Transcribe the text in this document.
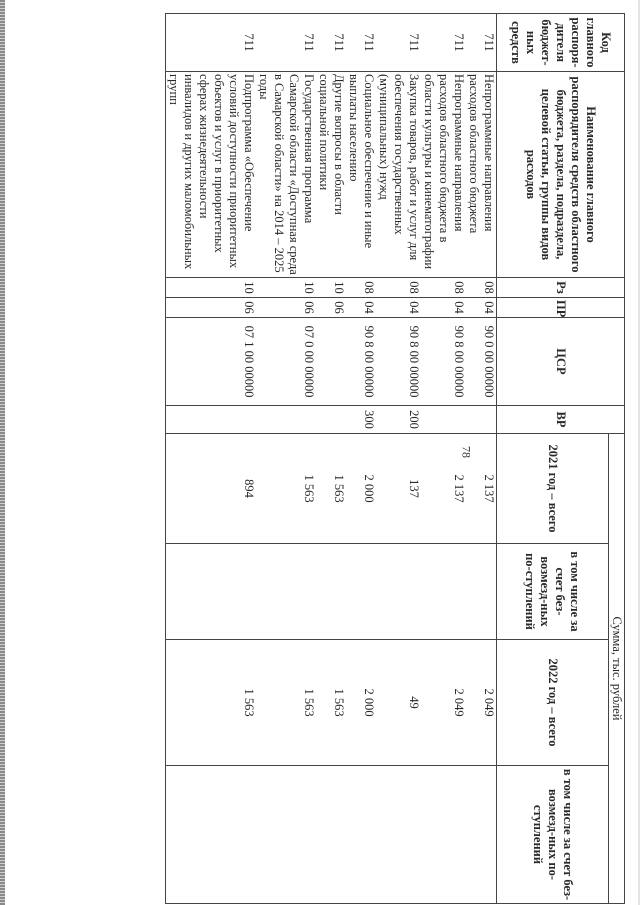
78
Код главного распоря-дителя бюджет-ных средств	Наименование главного распорядителя средств областного бюджета, раздела, подраздела, целевой статьи, группы видов расходов	Рз	ПР	ЦСР	ВР	Сумма, тыс. рублей			
						2021 год – всего	в том числе за счет без-возмезд-ных по-ступлений	2022 год – всего	в том числе за счет без-возмезд-ных по-ступлений
711	Непрограммные направления расходов областного бюджета	08	04	90 0 00 00000		2 137		2 049	
711	Непрограммные направления расходов областного бюджета в области культуры и кинематографии	08	04	90 8 00 00000		2 137		2 049	
711	Закупка товаров, работ и услуг для обеспечения государственных (муниципальных) нужд	08	04	90 8 00 00000	200	137		49	
711	Социальное обеспечение и иные выплаты населению	08	04	90 8 00 00000	300	2 000		2 000	
711	Другие вопросы в области социальной политики	10	06			1 563		1 563	
711	Государственная программа Самарской области «Доступная среда в Самарской области» на 2014 – 2025 годы	10	06	07 0 00 00000		1 563		1 563	
711	Подпрограмма «Обеспечение условий доступности приоритетных объектов и услуг в приоритетных сферах жизнедеятельности инвалидов и других маломобильных групп	10	06	07 1 00 00000		894		1 563	
